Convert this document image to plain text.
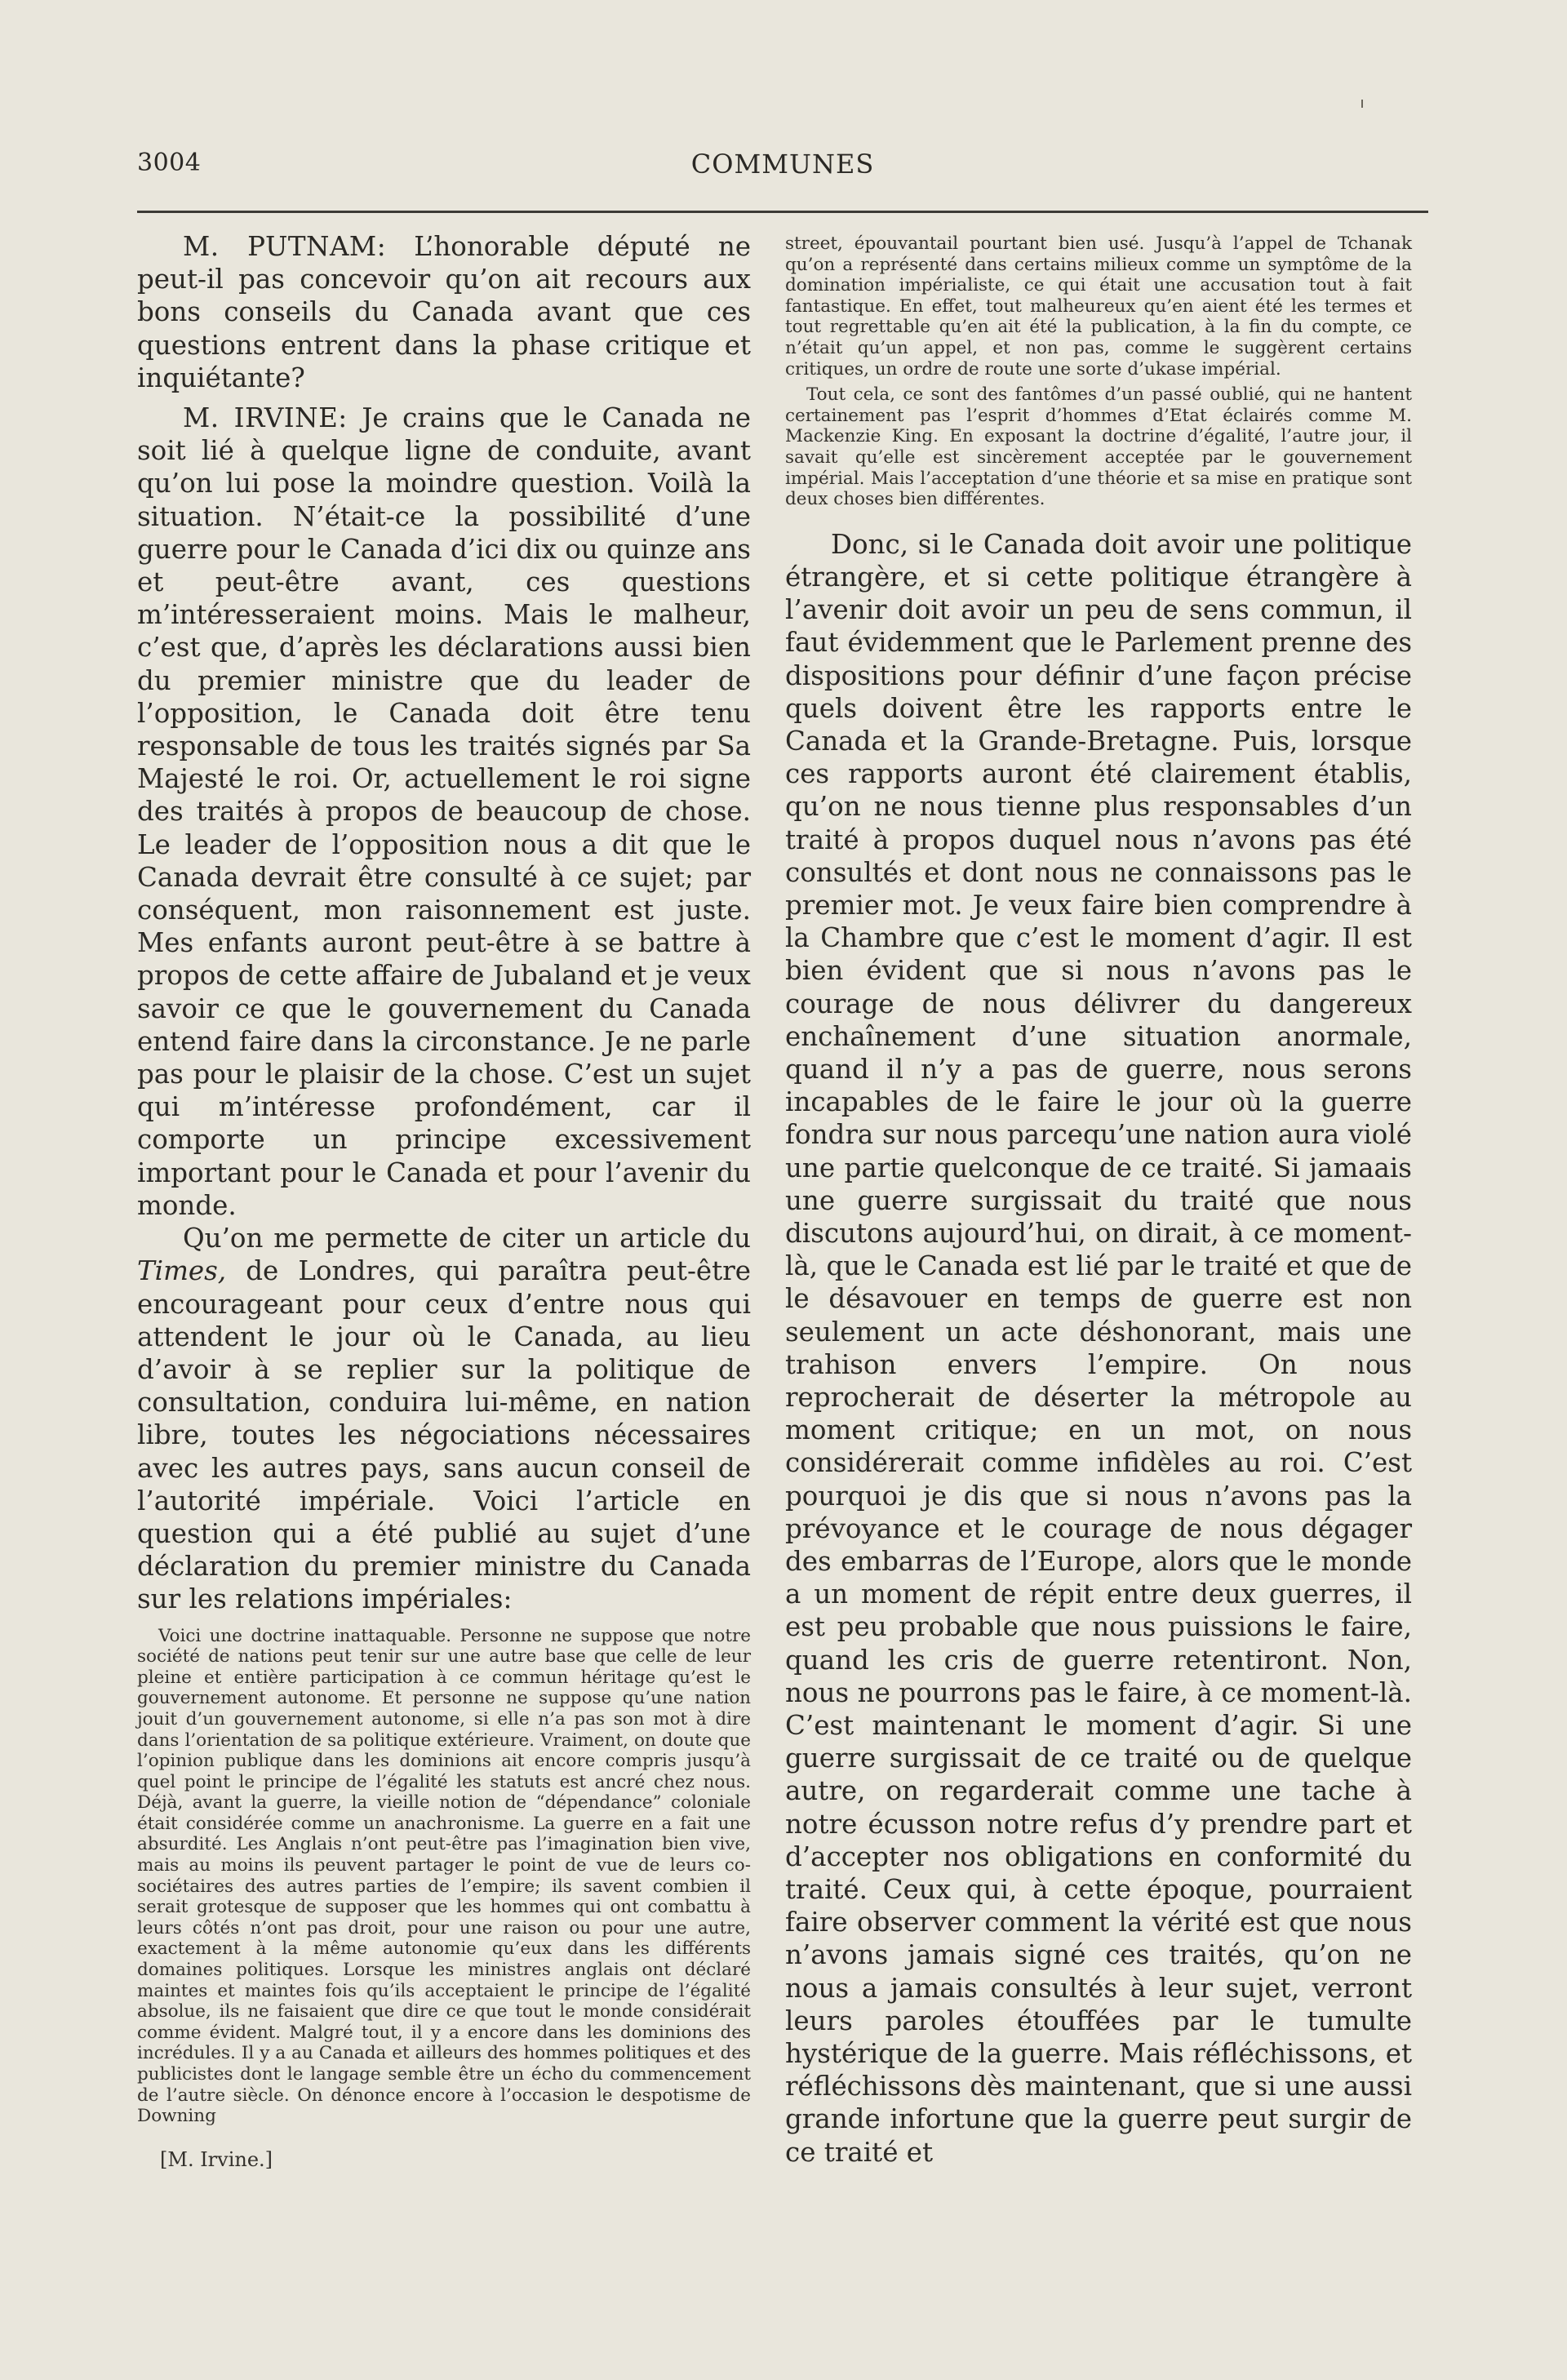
3004	COMMUNES

M. PUTNAM: L’honorable député ne peut-il pas concevoir qu’on ait recours aux bons conseils du Canada avant que ces questions entrent dans la phase critique et inquiétante?

M. IRVINE: Je crains que le Canada ne soit lié à quelque ligne de conduite, avant qu’on lui pose la moindre question. Voilà la situation. N’était-ce la possibilité d’une guerre pour le Canada d’ici dix ou quinze ans et peut-être avant, ces questions m’intéresseraient moins. Mais le malheur, c’est que, d’après les déclarations aussi bien du premier ministre que du leader de l’opposition, le Canada doit être tenu responsable de tous les traités signés par Sa Majesté le roi. Or, actuellement le roi signe des traités à propos de beaucoup de chose. Le leader de l’opposition nous a dit que le Canada devrait être consulté à ce sujet; par conséquent, mon raisonnement est juste. Mes enfants auront peut-être à se battre à propos de cette affaire de Jubaland et je veux savoir ce que le gouvernement du Canada entend faire dans la circonstance. Je ne parle pas pour le plaisir de la chose. C’est un sujet qui m’intéresse profondément, car il comporte un principe excessivement important pour le Canada et pour l’avenir du monde.

Qu’on me permette de citer un article du Times, de Londres, qui paraîtra peut-être encourageant pour ceux d’entre nous qui attendent le jour où le Canada, au lieu d’avoir à se replier sur la politique de consultation, conduira lui-même, en nation libre, toutes les négociations nécessaires avec les autres pays, sans aucun conseil de l’autorité impériale. Voici l’article en question qui a été publié au sujet d’une déclaration du premier ministre du Canada sur les relations impériales:

Voici une doctrine inattaquable. Personne ne suppose que notre société de nations peut tenir sur une autre base que celle de leur pleine et entière participation à ce commun héritage qu’est le gouvernement autonome. Et personne ne suppose qu’une nation jouit d’un gouvernement autonome, si elle n’a pas son mot à dire dans l’orientation de sa politique extérieure. Vraiment, on doute que l’opinion publique dans les dominions ait encore compris jusqu’à quel point le principe de l’égalité les statuts est ancré chez nous. Déjà, avant la guerre, la vieille notion de “dépendance” coloniale était considérée comme un anachronisme. La guerre en a fait une absurdité. Les Anglais n’ont peut-être pas l’imagination bien vive, mais au moins ils peuvent partager le point de vue de leurs co-sociétaires des autres parties de l’empire; ils savent combien il serait grotesque de supposer que les hommes qui ont combattu à leurs côtés n’ont pas droit, pour une raison ou pour une autre, exactement à la même autonomie qu’eux dans les différents domaines politiques. Lorsque les ministres anglais ont déclaré maintes et maintes fois qu’ils acceptaient le principe de l’égalité absolue, ils ne faisaient que dire ce que tout le monde considérait comme évident. Malgré tout, il y a encore dans les dominions des incrédules. Il y a au Canada et ailleurs des hommes politiques et des publicistes dont le langage semble être un écho du commencement de l’autre siècle. On dénonce encore à l’occasion le despotisme de Downing

[M. Irvine.]

street, épouvantail pourtant bien usé. Jusqu’à l’appel de Tchanak qu’on a représenté dans certains milieux comme un symptôme de la domination impérialiste, ce qui était une accusation tout à fait fantastique. En effet, tout malheureux qu’en aient été les termes et tout regrettable qu’en ait été la publication, à la fin du compte, ce n’était qu’un appel, et non pas, comme le suggèrent certains critiques, un ordre de route une sorte d’ukase impérial.

Tout cela, ce sont des fantômes d’un passé oublié, qui ne hantent certainement pas l’esprit d’hommes d’Etat éclairés comme M. Mackenzie King. En exposant la doctrine d’égalité, l’autre jour, il savait qu’elle est sincèrement acceptée par le gouvernement impérial. Mais l’acceptation d’une théorie et sa mise en pratique sont deux choses bien différentes.

Donc, si le Canada doit avoir une politique étrangère, et si cette politique étrangère à l’avenir doit avoir un peu de sens commun, il faut évidemment que le Parlement prenne des dispositions pour définir d’une façon précise quels doivent être les rapports entre le Canada et la Grande-Bretagne. Puis, lorsque ces rapports auront été clairement établis, qu’on ne nous tienne plus responsables d’un traité à propos duquel nous n’avons pas été consultés et dont nous ne connaissons pas le premier mot. Je veux faire bien comprendre à la Chambre que c’est le moment d’agir. Il est bien évident que si nous n’avons pas le courage de nous délivrer du dangereux enchaînement d’une situation anormale, quand il n’y a pas de guerre, nous serons incapables de le faire le jour où la guerre fondra sur nous parcequ’une nation aura violé une partie quelconque de ce traité. Si jamaais une guerre surgissait du traité que nous discutons aujourd’hui, on dirait, à ce moment-là, que le Canada est lié par le traité et que de le désavouer en temps de guerre est non seulement un acte déshonorant, mais une trahison envers l’empire. On nous reprocherait de déserter la métropole au moment critique; en un mot, on nous considérerait comme infidèles au roi. C’est pourquoi je dis que si nous n’avons pas la prévoyance et le courage de nous dégager des embarras de l’Europe, alors que le monde a un moment de répit entre deux guerres, il est peu probable que nous puissions le faire, quand les cris de guerre retentiront. Non, nous ne pourrons pas le faire, à ce moment-là. C’est maintenant le moment d’agir. Si une guerre surgissait de ce traité ou de quelque autre, on regarderait comme une tache à notre écusson notre refus d’y prendre part et d’accepter nos obligations en conformité du traité. Ceux qui, à cette époque, pourraient faire observer comment la vérité est que nous n’avons jamais signé ces traités, qu’on ne nous a jamais consultés à leur sujet, verront leurs paroles étouffées par le tumulte hystérique de la guerre. Mais réfléchissons, et réfléchissons dès maintenant, que si une aussi grande infortune que la guerre peut surgir de ce traité et
